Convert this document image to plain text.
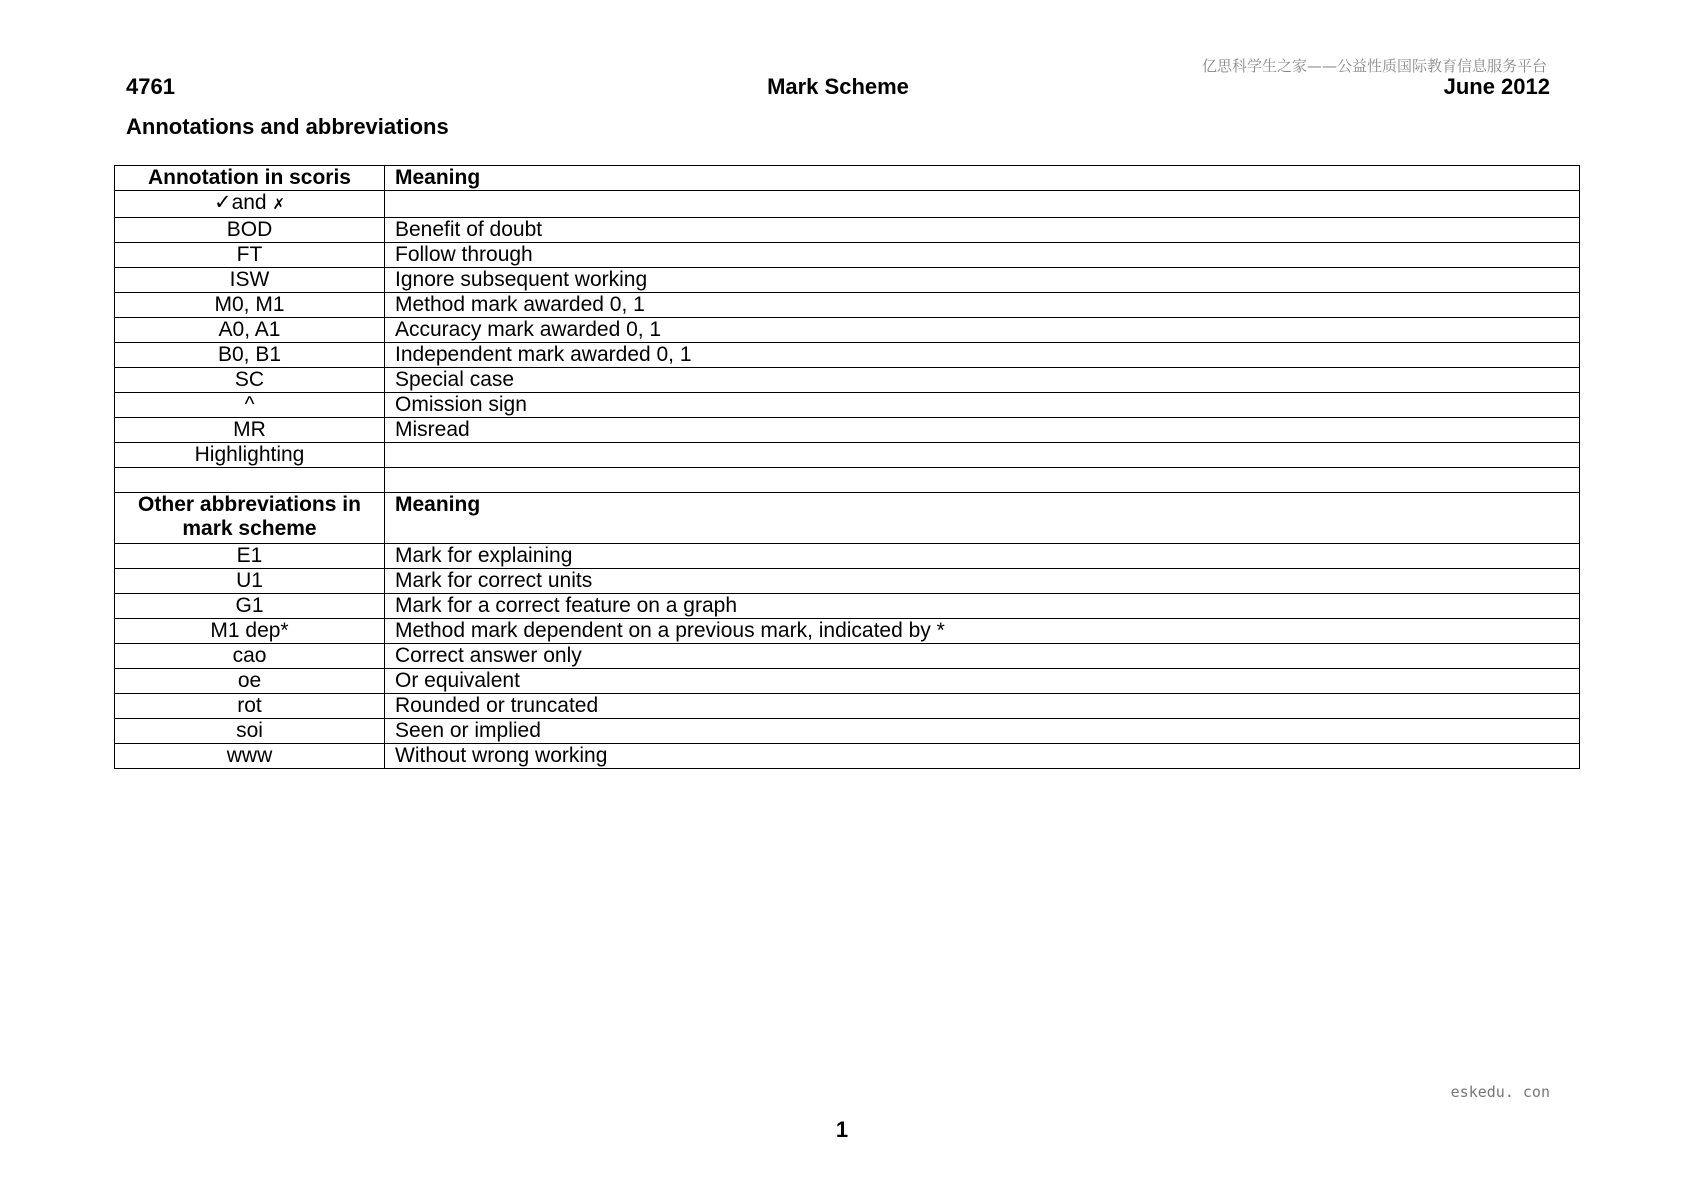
亿思科学生之家——公益性质国际教育信息服务平台
4761	Mark Scheme	June 2012
Annotations and abbreviations
Annotation in scoris	Meaning
✓and ✗	
BOD	Benefit of doubt
FT	Follow through
ISW	Ignore subsequent working
M0, M1	Method mark awarded 0, 1
A0, A1	Accuracy mark awarded 0, 1
B0, B1	Independent mark awarded 0, 1
SC	Special case
^	Omission sign
MR	Misread
Highlighting	

Other abbreviations in mark scheme	Meaning
E1	Mark for explaining
U1	Mark for correct units
G1	Mark for a correct feature on a graph
M1 dep*	Method mark dependent on a previous mark, indicated by *
cao	Correct answer only
oe	Or equivalent
rot	Rounded or truncated
soi	Seen or implied
www	Without wrong working
eskedu. con
1
